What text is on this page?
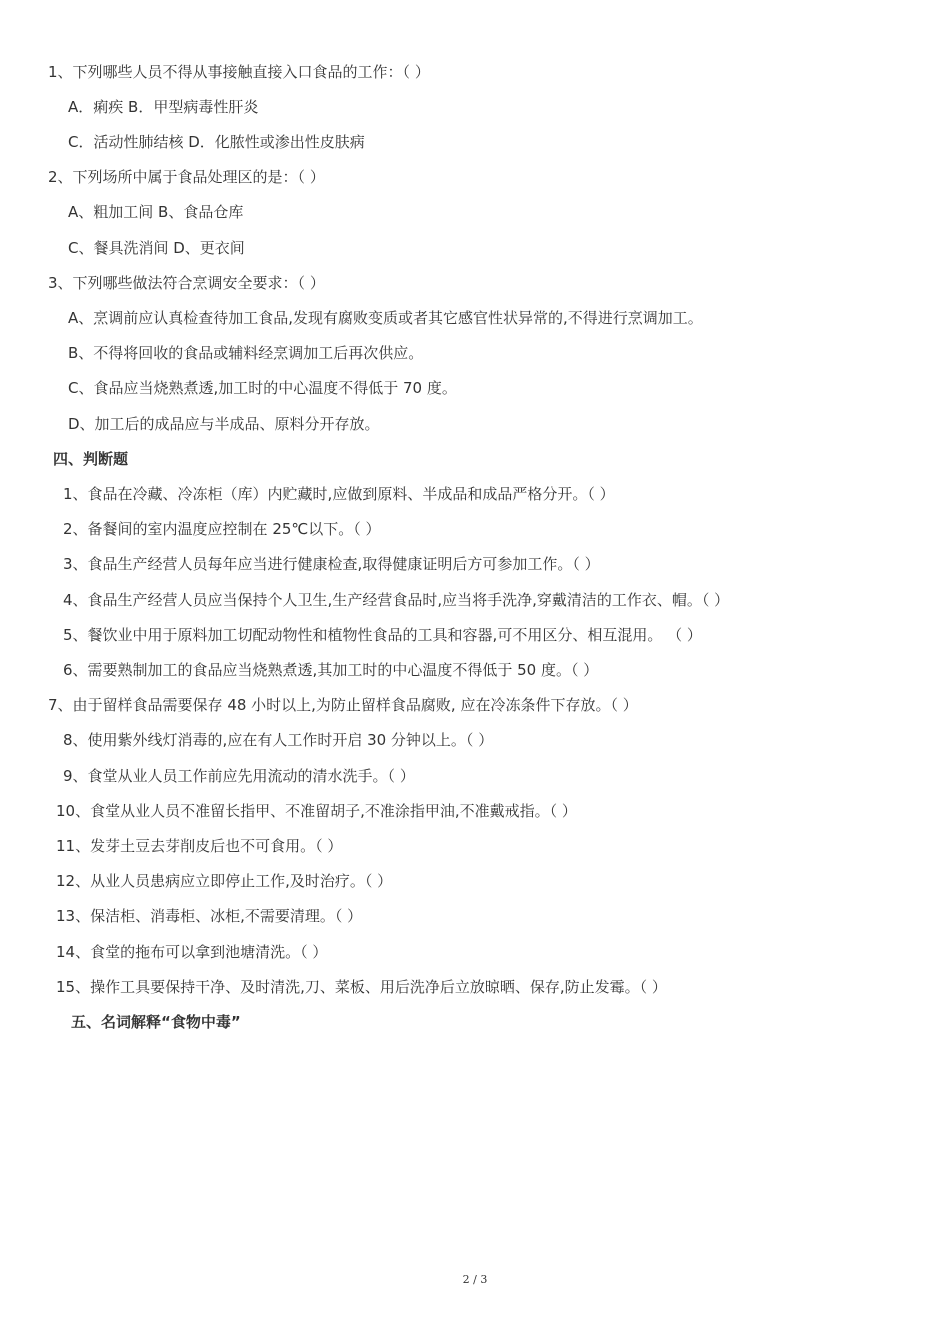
1、下列哪些人员不得从事接触直接入口食品的工作：（ ）
A．痢疾 B．甲型病毒性肝炎
C．活动性肺结核 D．化脓性或渗出性皮肤病
2、下列场所中属于食品处理区的是：（ ）
A、粗加工间 B、食品仓库
C、餐具洗消间 D、更衣间
3、下列哪些做法符合烹调安全要求：（ ）
A、烹调前应认真检查待加工食品,发现有腐败变质或者其它感官性状异常的,不得进行烹调加工。
B、不得将回收的食品或辅料经烹调加工后再次供应。
C、食品应当烧熟煮透,加工时的中心温度不得低于 70 度。
D、加工后的成品应与半成品、原料分开存放。
四、判断题
1、食品在冷藏、冷冻柜（库）内贮藏时,应做到原料、半成品和成品严格分开。（ ）
2、备餐间的室内温度应控制在 25℃以下。（ ）
3、食品生产经营人员每年应当进行健康检查,取得健康证明后方可参加工作。（ ）
4、食品生产经营人员应当保持个人卫生,生产经营食品时,应当将手洗净,穿戴清洁的工作衣、帽。（ ）
5、餐饮业中用于原料加工切配动物性和植物性食品的工具和容器,可不用区分、相互混用。 （ ）
6、需要熟制加工的食品应当烧熟煮透,其加工时的中心温度不得低于 50 度。（ ）
7、由于留样食品需要保存 48 小时以上,为防止留样食品腐败, 应在冷冻条件下存放。（ ）
8、使用紫外线灯消毒的,应在有人工作时开启 30 分钟以上。（ ）
9、食堂从业人员工作前应先用流动的清水洗手。（ ）
10、食堂从业人员不准留长指甲、不准留胡子,不准涂指甲油,不准戴戒指。（ ）
11、发芽土豆去芽削皮后也不可食用。（ ）
12、从业人员患病应立即停止工作,及时治疗。（ ）
13、保洁柜、消毒柜、冰柜,不需要清理。（ ）
14、食堂的拖布可以拿到池塘清洗。（ ）
15、操作工具要保持干净、及时清洗,刀、菜板、用后洗净后立放晾晒、保存,防止发霉。（ ）
五、名词解释“食物中毒”
2 / 3
